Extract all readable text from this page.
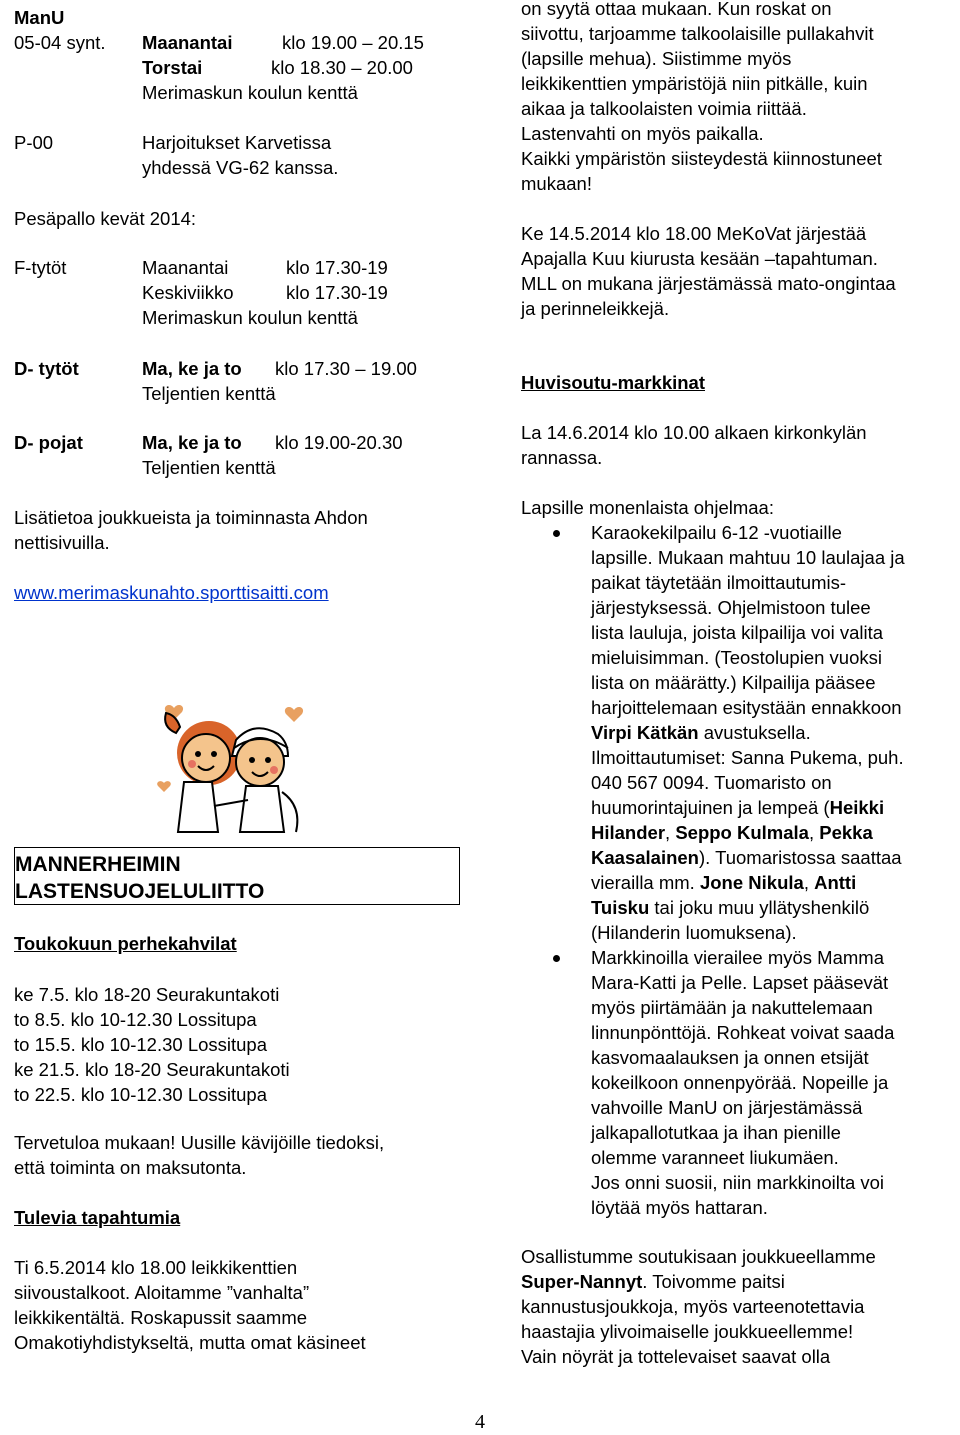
ManU
05-04 synt. Maanantai	klo 19.00 – 20.15
Torstai	klo 18.30 – 20.00
Merimaskun koulun kenttä
P-00	Harjoitukset Karvetissa
yhdessä VG-62 kanssa.
Pesäpallo kevät 2014:
F-tytöt	Maanantai	klo 17.30-19
Keskiviikko	klo 17.30-19
Merimaskun koulun kenttä
D- tytöt	Ma, ke ja to klo 17.30 – 19.00
Teljentien kenttä
D- pojat	Ma, ke ja to klo 19.00-20.30
Teljentien kenttä
Lisätietoa joukkueista ja toiminnasta Ahdon
nettisivuilla.
www.merimaskunahto.sporttisaitti.com
MANNERHEIMIN
LASTENSUOJELULIITTO
Toukokuun perhekahvilat
ke 7.5. klo 18-20 Seurakuntakoti
to 8.5. klo 10-12.30 Lossitupa
to 15.5. klo 10-12.30 Lossitupa
ke 21.5. klo 18-20 Seurakuntakoti
to 22.5. klo 10-12.30 Lossitupa
Tervetuloa mukaan! Uusille kävijöille tiedoksi,
että toiminta on maksutonta.
Tulevia tapahtumia
Ti 6.5.2014 klo 18.00 leikkikenttien
siivoustalkoot. Aloitamme ”vanhalta”
leikkikentältä. Roskapussit saamme
Omakotiyhdistykseltä, mutta omat käsineet
on syytä ottaa mukaan. Kun roskat on
siivottu, tarjoamme talkoolaisille pullakahvit
(lapsille mehua). Siistimme myös
leikkikenttien ympäristöjä niin pitkälle, kuin
aikaa ja talkoolaisten voimia riittää.
Lastenvahti on myös paikalla.
Kaikki ympäristön siisteydestä kiinnostuneet
mukaan!
Ke 14.5.2014 klo 18.00 MeKoVat järjestää
Apajalla Kuu kiurusta kesään –tapahtuman.
MLL on mukana järjestämässä mato-ongintaa
ja perinneleikkejä.
Huvisoutu-markkinat
La 14.6.2014 klo 10.00 alkaen kirkonkylän
rannassa.
Lapsille monenlaista ohjelmaa:
Karaokekilpailu 6-12 -vuotiaille
lapsille. Mukaan mahtuu 10 laulajaa ja
paikat täytetään ilmoittautumis-
järjestyksessä. Ohjelmistoon tulee
lista lauluja, joista kilpailija voi valita
mieluisimman. (Teostolupien vuoksi
lista on määrätty.) Kilpailija pääsee
harjoittelemaan esitystään ennakkoon
Virpi Kätkän avustuksella.
Ilmoittautumiset: Sanna Pukema, puh.
040 567 0094. Tuomaristo on
huumorintajuinen ja lempeä (Heikki
Hilander, Seppo Kulmala, Pekka
Kaasalainen). Tuomaristossa saattaa
vierailla mm. Jone Nikula, Antti
Tuisku tai joku muu yllätyshenkilö
(Hilanderin luomuksena).
Markkinoilla vierailee myös Mamma
Mara-Katti ja Pelle. Lapset pääsevät
myös piirtämään ja nakuttelemaan
linnunpönttöjä. Rohkeat voivat saada
kasvomaalauksen ja onnen etsijät
kokeilkoon onnenpyörää. Nopeille ja
vahvoille ManU on järjestämässä
jalkapallotutkaa ja ihan pienille
olemme varanneet liukumäen.
Jos onni suosii, niin markkinoilta voi
löytää myös hattaran.
Osallistumme soutukisaan joukkueellamme
Super-Nannyt. Toivomme paitsi
kannustusjoukkoja, myös varteenotettavia
haastajia ylivoimaiselle joukkueellemme!
Vain nöyrät ja tottelevaiset saavat olla
4
